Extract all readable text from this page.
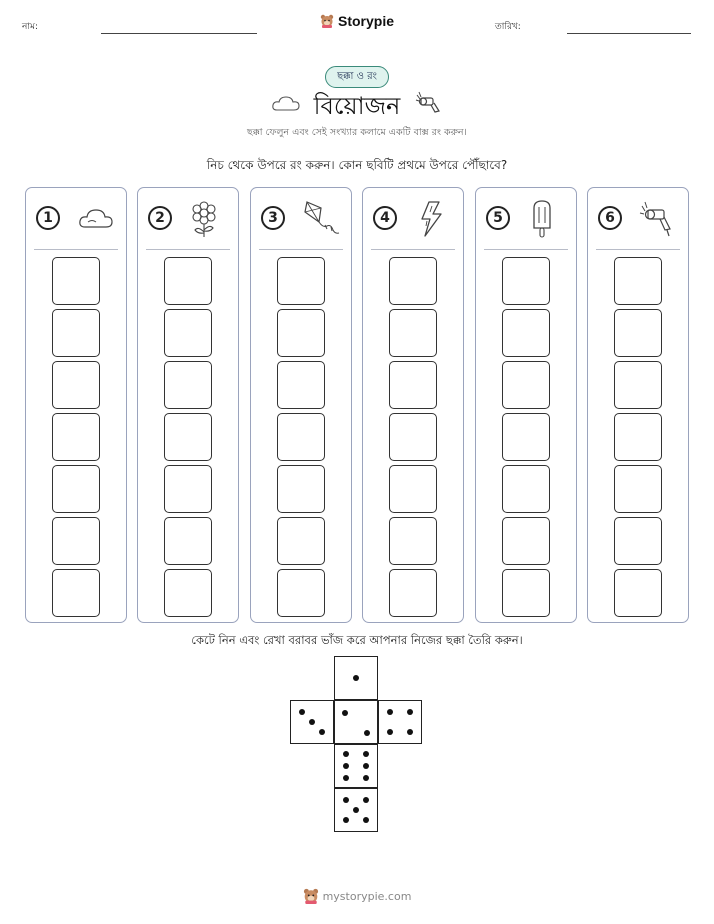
নাম:	Storypie	তারিখ:
ছক্কা ও রং
বিয়োজন
ছক্কা ফেলুন এবং সেই সংখ্যার কলামে একটি বাক্স রং করুন।
নিচ থেকে উপরে রং করুন। কোন ছবিটি প্রথমে উপরে পৌঁছাবে?
1	2	3	4	5	6
কেটে নিন এবং রেখা বরাবর ভাঁজ করে আপনার নিজের ছক্কা তৈরি করুন।
mystorypie.com
